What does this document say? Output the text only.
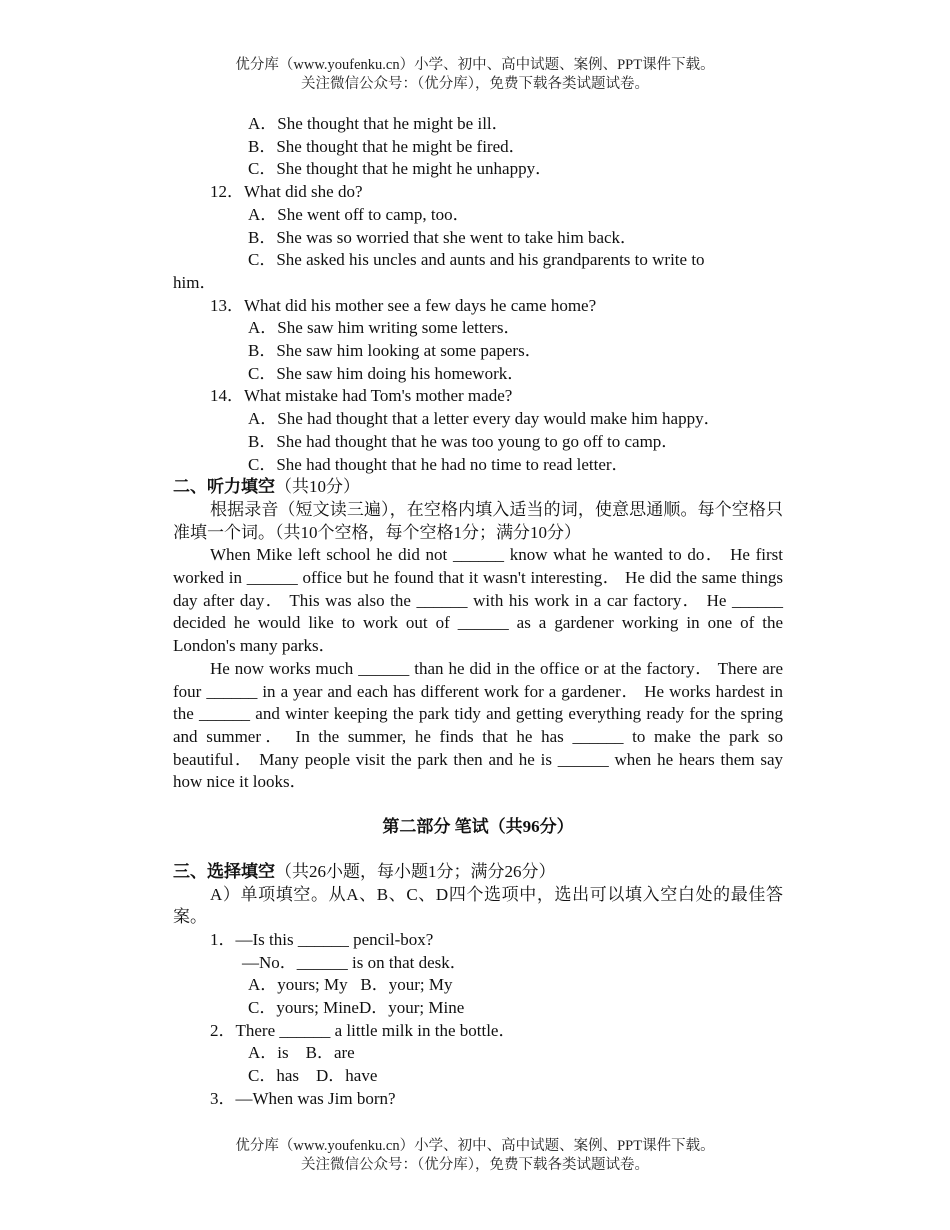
优分库（www.youfenku.cn）小学、初中、高中试题、案例、PPT课件下载。
关注微信公众号：（优分库），免费下载各类试题试卷。
A．She thought that he might be ill．
B．She thought that he might be fired．
C．She thought that he might he unhappy．
12．What did she do?
A．She went off to camp, too．
B．She was so worried that she went to take him back．
C．She asked his uncles and aunts and his grandparents to write to
him．
13．What did his mother see a few days he came home?
A．She saw him writing some letters．
B．She saw him looking at some papers．
C．She saw him doing his homework．
14．What mistake had Tom's mother made?
A．She had thought that a letter every day would make him happy．
B．She had thought that he was too young to go off to camp．
C．She had thought that he had no time to read letter．
二、听力填空（共10分）
根据录音（短文读三遍），在空格内填入适当的词，使意思通顺。每个空格只准填一个词。（共10个空格，每个空格1分；满分10分）
When Mike left school he did not ______ know what he wanted to do． He first worked in ______ office but he found that it wasn't interesting． He did the same things day after day． This was also the ______ with his work in a car factory． He ______ decided he would like to work out of ______ as a gardener working in one of the London's many parks．
He now works much ______ than he did in the office or at the factory． There are four ______ in a year and each has different work for a gardener． He works hardest in the ______ and winter keeping the park tidy and getting everything ready for the spring and summer． In the summer, he finds that he has ______ to make the park so beautiful． Many people visit the park then and he is ______ when he hears them say how nice it looks．
第二部分 笔试（共96分）
三、选择填空（共26小题，每小题1分；满分26分）
A）单项填空。从A、B、C、D四个选项中，选出可以填入空白处的最佳答案。
1．—Is this ______ pencil-box?
—No．______ is on that desk．
A．yours; My   B．your; My
C．yours; MineD．your; Mine
2．There ______ a little milk in the bottle．
A．is    B．are
C．has    D．have
3．—When was Jim born?
优分库（www.youfenku.cn）小学、初中、高中试题、案例、PPT课件下载。
关注微信公众号：（优分库），免费下载各类试题试卷。
